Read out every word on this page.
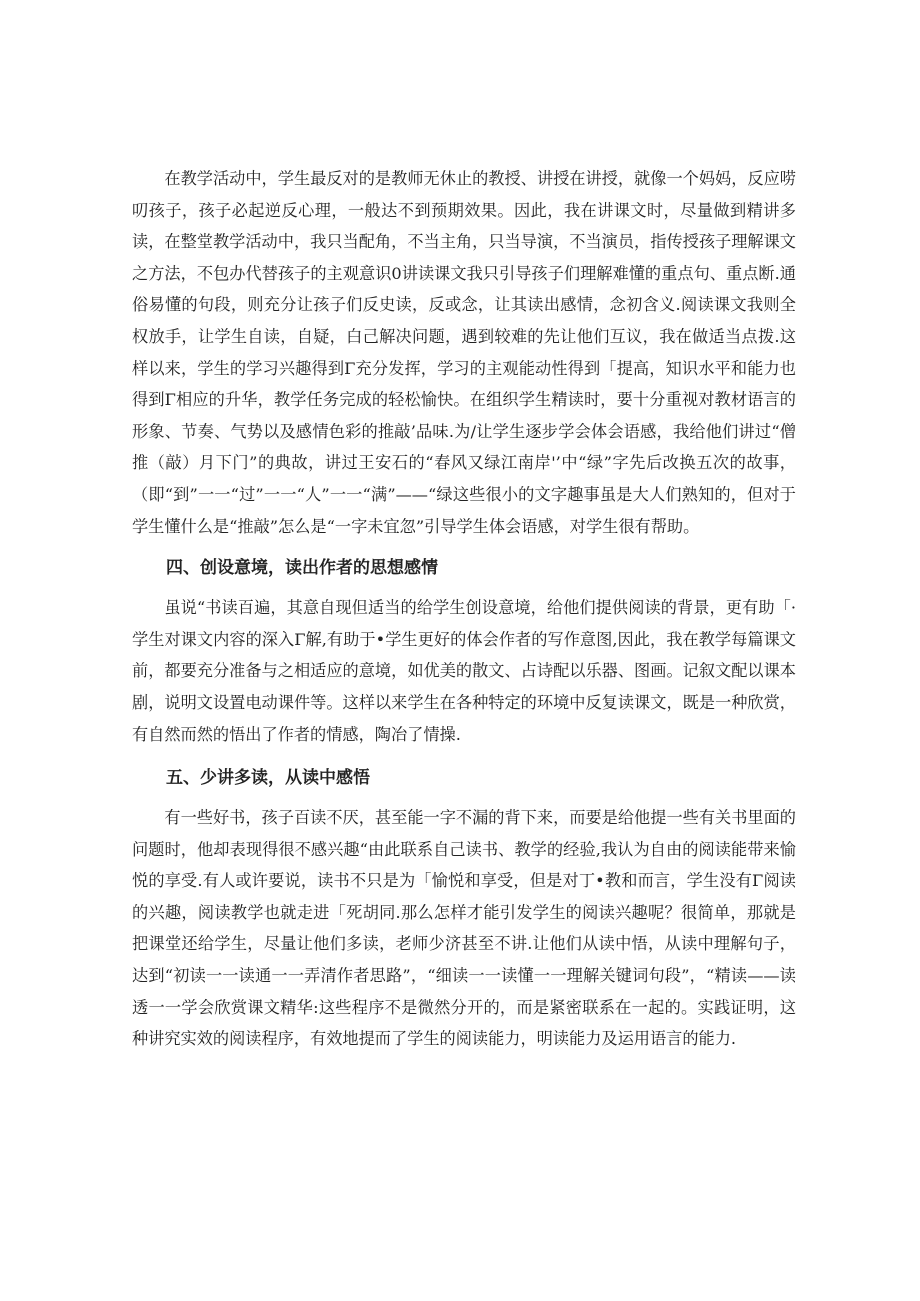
在教学活动中，学生最反对的是教师无休止的教授、讲授在讲授，就像一个妈妈，反应唠叨孩子，孩子必起逆反心理，一般达不到预期效果。因此，我在讲课文时，尽量做到精讲多读，在整堂教学活动中，我只当配角，不当主角，只当导演，不当演员，指传授孩子理解课文之方法，不包办代替孩子的主观意识0讲读课文我只引导孩子们理解难懂的重点句、重点断.通俗易懂的句段，则充分让孩子们反史读，反或念，让其读出感情，念初含义.阅读课文我则全权放手，让学生自读，自疑，白己解决问题，遇到较难的先让他们互议，我在做适当点拨.这样以来，学生的学习兴趣得到Γ充分发挥，学习的主观能动性得到「提高，知识水平和能力也得到Γ相应的升华，教学任务完成的轻松愉快。在组织学生精读时，要十分重视对教材语言的形象、节奏、气势以及感情色彩的推敲’品味.为/让学生逐步学会体会语感，我给他们讲过“僧推（敲）月下门”的典故，讲过王安石的“春风又绿江南岸'’中“绿”字先后改换五次的故事，（即“到”一一“过”一一“人”一一“满”——“绿这些很小的文字趣事虽是大人们熟知的，但对于学生懂什么是“推敲”怎么是“一字未宜忽”引导学生体会语感，对学生很有帮助。

四、创设意境，读出作者的思想感情

虽说“书读百遍，其意自现但适当的给学生创设意境，给他们提供阅读的背景，更有助「·学生对课文内容的深入Γ解,有助于•学生更好的体会作者的写作意图,因此，我在教学每篇课文前，都要充分准备与之相适应的意境，如优美的散文、占诗配以乐器、图画。记叙文配以课本剧，说明文设置电动课件等。这样以来学生在各种特定的环境中反复读课文，既是一种欣赏，有自然而然的悟出了作者的情感，陶冶了情操.

五、少讲多读，从读中感悟

有一些好书，孩子百读不厌，甚至能一字不漏的背下来，而要是给他提一些有关书里面的问题时，他却表现得很不感兴趣“由此联系自己读书、教学的经验,我认为自由的阅读能带来愉悦的享受.有人或许要说，读书不只是为「愉悦和享受，但是对丁•教和而言，学生没有Γ阅读的兴趣，阅读教学也就走进「死胡同.那么怎样才能引发学生的阅读兴趣呢？很简单，那就是把课堂还给学生，尽量让他们多读，老师少济甚至不讲.让他们从读中悟，从读中理解句子，达到“初读一一读通一一弄清作者思路”，“细读一一读懂一一理解关键词句段”，“精读——读透一一学会欣赏课文精华:这些程序不是微然分开的，而是紧密联系在一起的。实践证明，这种讲究实效的阅读程序，有效地提而了学生的阅读能力，明读能力及运用语言的能力.
